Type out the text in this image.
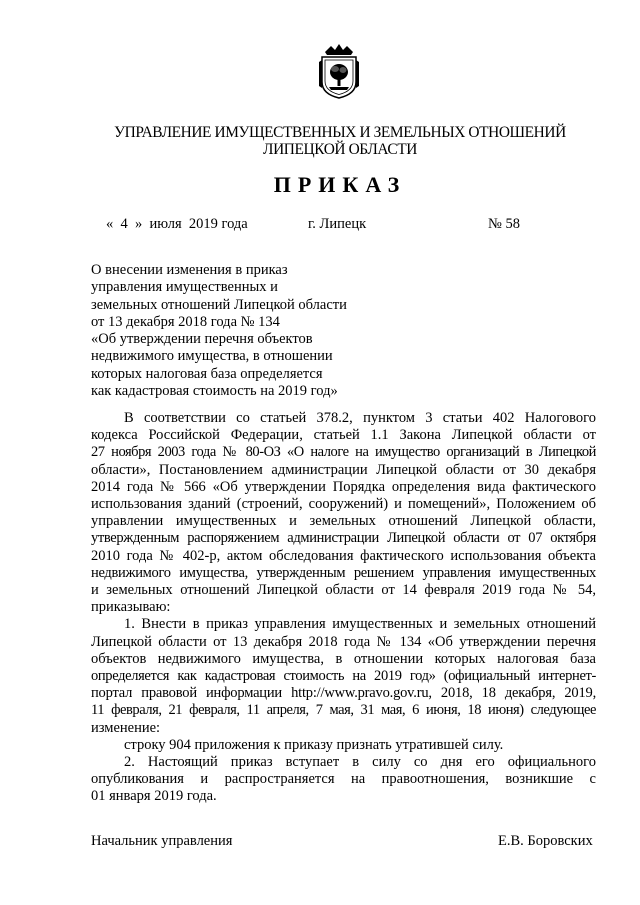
УПРАВЛЕНИЕ ИМУЩЕСТВЕННЫХ И ЗЕМЕЛЬНЫХ ОТНОШЕНИЙ
ЛИПЕЦКОЙ ОБЛАСТИ
ПРИКАЗ
«  4  »  июля  2019 года	г. Липецк	№ 58
О внесении изменения в приказ
управления имущественных и
земельных отношений Липецкой области
от 13 декабря 2018 года № 134
«Об утверждении перечня объектов
недвижимого имущества, в отношении
которых налоговая база определяется
как кадастровая стоимость на 2019 год»
В соответствии со статьей 378.2, пунктом 3 статьи 402 Налогового
кодекса Российской Федерации, статьей 1.1 Закона Липецкой области от
27 ноября 2003 года № 80-ОЗ «О налоге на имущество организаций в Липецкой
области», Постановлением администрации Липецкой области от 30 декабря
2014 года № 566 «Об утверждении Порядка определения вида фактического
использования зданий (строений, сооружений) и помещений», Положением об
управлении имущественных и земельных отношений Липецкой области,
утвержденным распоряжением администрации Липецкой области от 07 октября
2010 года № 402-р, актом обследования фактического использования объекта
недвижимого имущества, утвержденным решением управления имущественных
и земельных отношений Липецкой области от 14 февраля 2019 года № 54,
приказываю:
1. Внести в приказ управления имущественных и земельных отношений
Липецкой области от 13 декабря 2018 года № 134 «Об утверждении перечня
объектов недвижимого имущества, в отношении которых налоговая база
определяется как кадастровая стоимость на 2019 год» (официальный интернет-
портал правовой информации http://www.pravo.gov.ru, 2018, 18 декабря, 2019,
11 февраля, 21 февраля, 11 апреля, 7 мая, 31 мая, 6 июня, 18 июня) следующее
изменение:
строку 904 приложения к приказу признать утратившей силу.
2. Настоящий приказ вступает в силу со дня его официального
опубликования и распространяется на правоотношения, возникшие с
01 января 2019 года.
Начальник управления	Е.В. Боровских
